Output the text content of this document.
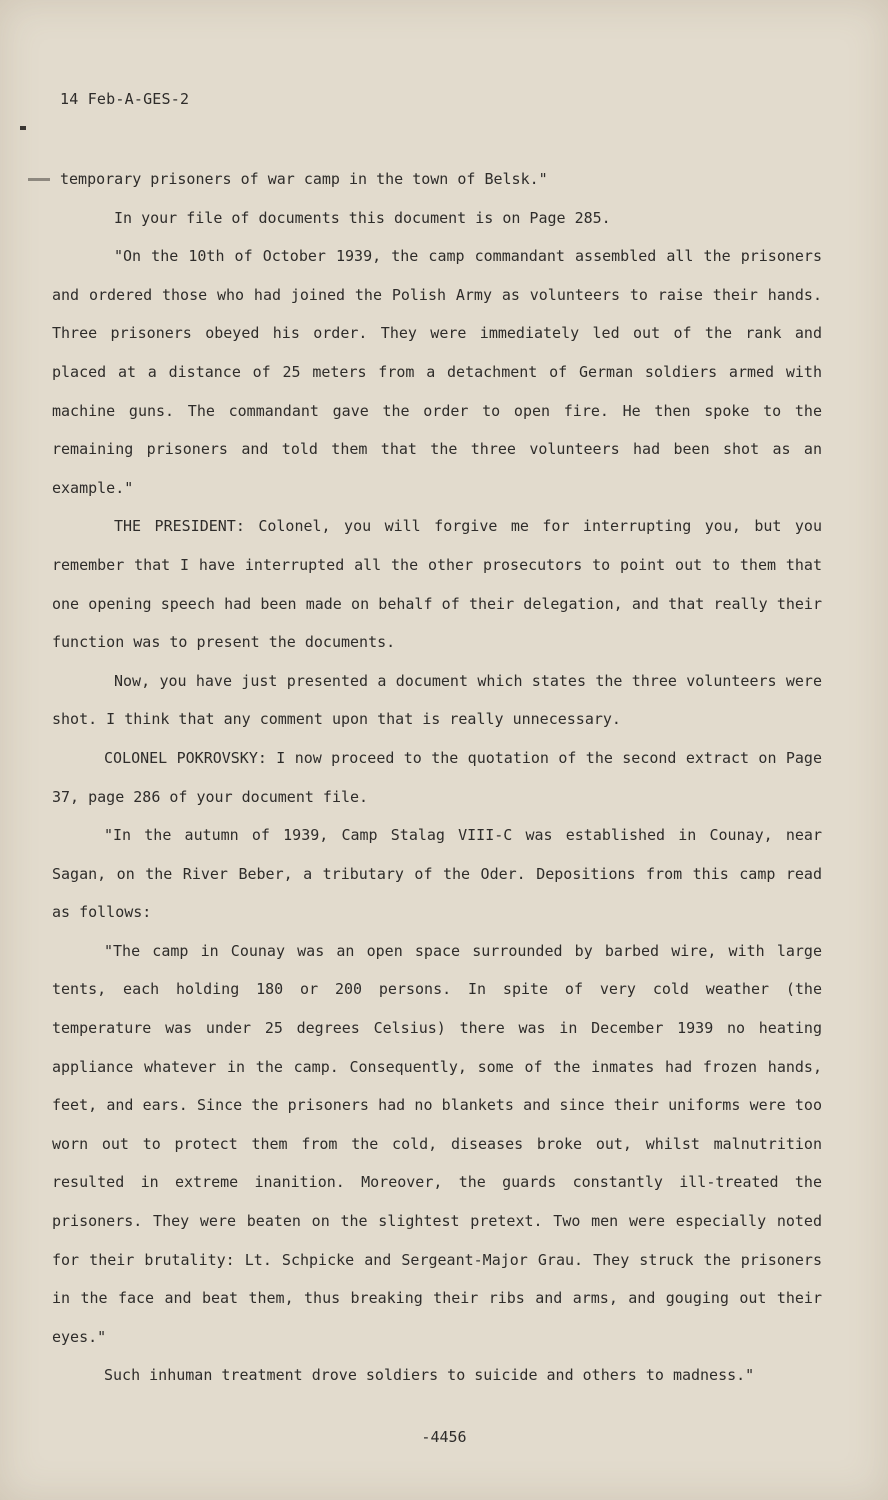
14 Feb-A-GES-2

temporary prisoners of war camp in the town of Belsk."

In your file of documents this document is on Page 285.

"On the 10th of October 1939, the camp commandant assembled all the prisoners and ordered those who had joined the Polish Army as volunteers to raise their hands. Three prisoners obeyed his order. They were immediately led out of the rank and placed at a distance of 25 meters from a detachment of German soldiers armed with machine guns. The commandant gave the order to open fire. He then spoke to the remaining prisoners and told them that the three volunteers had been shot as an example."

THE PRESIDENT: Colonel, you will forgive me for interrupting you, but you remember that I have interrupted all the other prosecutors to point out to them that one opening speech had been made on behalf of their delegation, and that really their function was to present the documents.

Now, you have just presented a document which states the three volunteers were shot. I think that any comment upon that is really unnecessary.

COLONEL POKROVSKY: I now proceed to the quotation of the second extract on Page 37, page 286 of your document file.

"In the autumn of 1939, Camp Stalag VIII-C was established in Counay, near Sagan, on the River Beber, a tributary of the Oder. Depositions from this camp read as follows:

"The camp in Counay was an open space surrounded by barbed wire, with large tents, each holding 180 or 200 persons. In spite of very cold weather (the temperature was under 25 degrees Celsius) there was in December 1939 no heating appliance whatever in the camp. Consequently, some of the inmates had frozen hands, feet, and ears. Since the prisoners had no blankets and since their uniforms were too worn out to protect them from the cold, diseases broke out, whilst malnutrition resulted in extreme inanition. Moreover, the guards constantly ill-treated the prisoners. They were beaten on the slightest pretext. Two men were especially noted for their brutality: Lt. Schpicke and Sergeant-Major Grau. They struck the prisoners in the face and beat them, thus breaking their ribs and arms, and gouging out their eyes."

Such inhuman treatment drove soldiers to suicide and others to madness."

-4456
